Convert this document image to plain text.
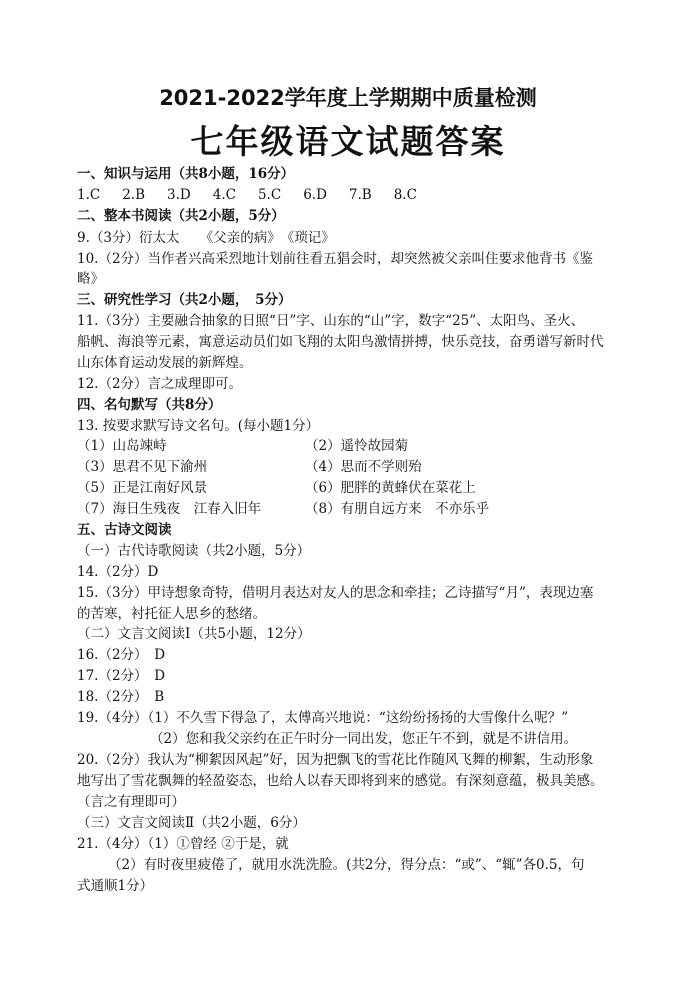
2021-2022学年度上学期期中质量检测
七年级语文试题答案
一、知识与运用（共8小题，16分）
1.C 2.B 3.D 4.C 5.C 6.D 7.B 8.C
二、整本书阅读（共2小题，5分）
9.（3分）衍太太　　《父亲的病》　《琐记》
10.（2分）当作者兴高采烈地计划前往看五猖会时，却突然被父亲叫住要求他背书《鉴
略》
三、研究性学习（共2小题，　5分）
11.（3分）主要融合抽象的日照“日”字、山东的“山”字，数字“25”、太阳鸟、圣火、
船帆、海浪等元素，寓意运动员们如飞翔的太阳鸟激情拼搏，快乐竞技，奋勇谱写新时代
山东体育运动发展的新辉煌。
12.（2分）言之成理即可。
四、名句默写（共8分）
13. 按要求默写诗文名句。(每小题1分）
（1）山岛竦峙	（2）遥怜故园菊
（3）思君不见下渝州	（4）思而不学则殆
（5）正是江南好风景	（6）肥胖的黄蜂伏在菜花上
（7）海日生残夜　江春入旧年	（8）有朋自远方来　不亦乐乎
五、古诗文阅读
（一）古代诗歌阅读（共2小题，5分）
14.（2分）D
15.（3分）甲诗想象奇特，借明月表达对友人的思念和牵挂；乙诗描写“月”，表现边塞
的苦寒，衬托征人思乡的愁绪。
（二）文言文阅读Ⅰ（共5小题，12分）
16.（2分）　D
17.（2分）　D
18.（2分）　B
19.（4分）（1）不久雪下得急了，太傅高兴地说：“这纷纷扬扬的大雪像什么呢？”
（2）您和我父亲约在正午时分一同出发，您正午不到，就是不讲信用。
20.（2分）我认为“柳絮因风起”好，因为把飘飞的雪花比作随风飞舞的柳絮，生动形象
地写出了雪花飘舞的轻盈姿态，也给人以春天即将到来的感觉。有深刻意蕴，极具美感。
（言之有理即可）
（三）文言文阅读Ⅱ（共2小题，6分）
21.（4分）（1）①曾经 ②于是，就
（2）有时夜里疲倦了，就用水洗洗脸。(共2分，得分点：“或”、“辄”各0.5，句
式通顺1分）
